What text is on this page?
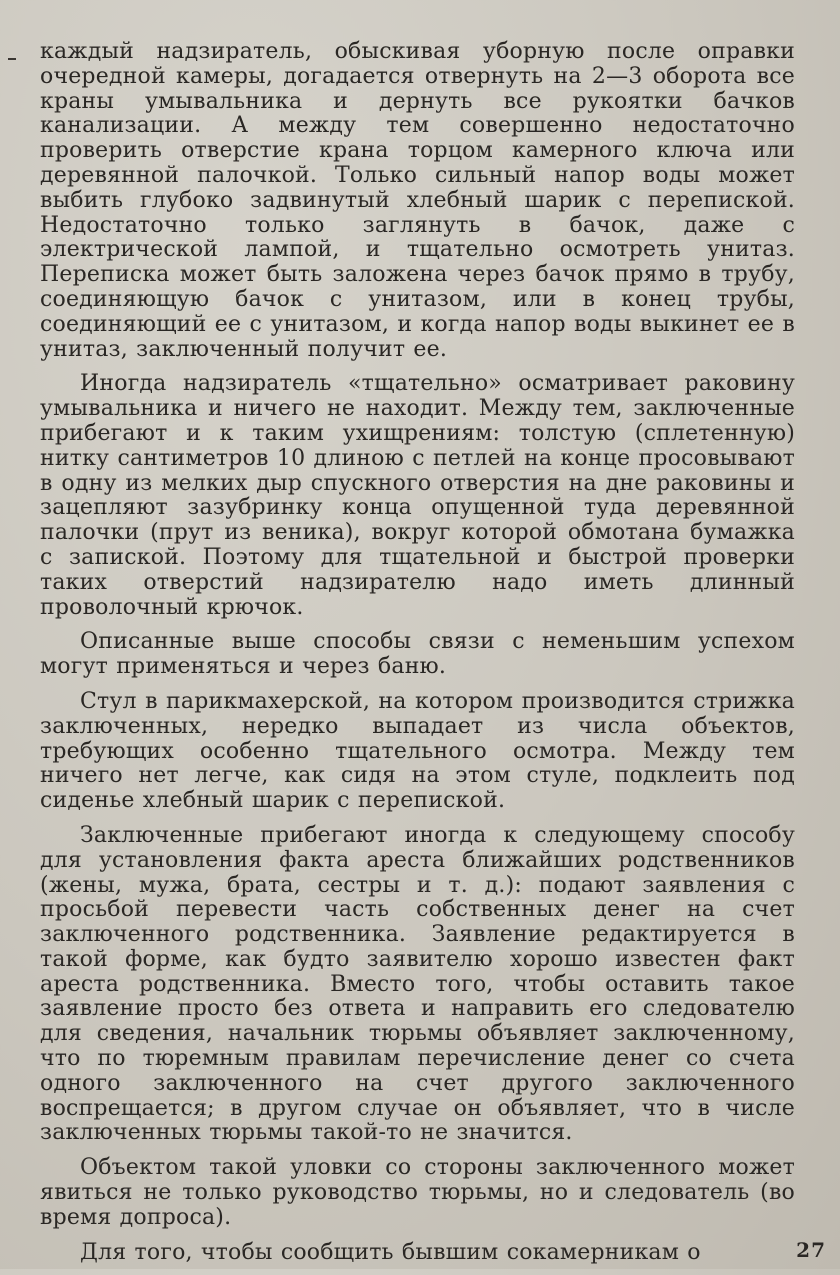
каждый надзиратель, обыскивая уборную после оправки очередной камеры, догадается отвернуть на 2—3 оборота все краны умывальника и дернуть все рукоятки бачков канализации. А между тем совершенно недостаточно проверить отверстие крана торцом камерного ключа или деревянной палочкой. Только сильный напор воды может выбить глубоко задвинутый хлебный шарик с перепиской. Недостаточно только заглянуть в бачок, даже с электрической лампой, и тщательно осмотреть унитаз. Переписка может быть заложена через бачок прямо в трубу, соединяющую бачок с унитазом, или в конец трубы, соединяющий ее с унитазом, и когда напор воды выкинет ее в унитаз, заключенный получит ее.

Иногда надзиратель «тщательно» осматривает раковину умывальника и ничего не находит. Между тем, заключенные прибегают и к таким ухищрениям: толстую (сплетенную) нитку сантиметров 10 длиною с петлей на конце просовывают в одну из мелких дыр спускного отверстия на дне раковины и зацепляют зазубринку конца опущенной туда деревянной палочки (прут из веника), вокруг которой обмотана бумажка с запиской. Поэтому для тщательной и быстрой проверки таких отверстий надзирателю надо иметь длинный проволочный крючок.

Описанные выше способы связи с неменьшим успехом могут применяться и через баню.

Стул в парикмахерской, на котором производится стрижка заключенных, нередко выпадает из числа объектов, требующих особенно тщательного осмотра. Между тем ничего нет легче, как сидя на этом стуле, подклеить под сиденье хлебный шарик с перепиской.

Заключенные прибегают иногда к следующему способу для установления факта ареста ближайших родственников (жены, мужа, брата, сестры и т. д.): подают заявления с просьбой перевести часть собственных денег на счет заключенного родственника. Заявление редактируется в такой форме, как будто заявителю хорошо известен факт ареста родственника. Вместо того, чтобы оставить такое заявление просто без ответа и направить его следователю для сведения, начальник тюрьмы объявляет заключенному, что по тюремным правилам перечисление денег со счета одного заключенного на счет другого заключенного воспрещается; в другом случае он объявляет, что в числе заключенных тюрьмы такой-то не значится.

Объектом такой уловки со стороны заключенного может явиться не только руководство тюрьмы, но и следователь (во время допроса).

Для того, чтобы сообщить бывшим сокамерникам о	27
